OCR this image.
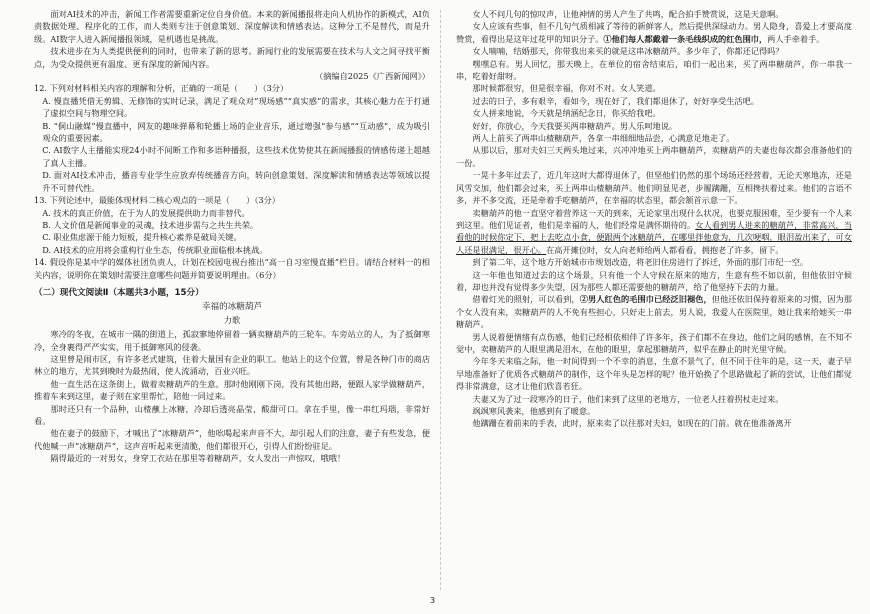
面对AI技术的冲击，新闻工作者需要重新定位自身价值。本来的新闻播报将走向人机协作的新模式，AI负责数据处理、程序化的工作，而人类则专注于创意策划、深度解读和情感表达。这种分工不是替代，而是升级。AI数字人进入新闻播报领域，是机遇也是挑战。

技术进步在为人类提供便利的同时，也带来了新的思考。新闻行业的发展需要在技术与人文之间寻找平衡点，为受众提供更有温度、更有深度的新闻内容。

（摘编自2025《广西新闻网》）

12. 下列对材料相关内容的理解和分析，正确的一项是（　　）（3分）

A. 慢直播凭借无剪辑、无修饰的实时记录，满足了观众对“现场感”“真实感”的需求，其核心魅力在于打通了虚拟空间与物理空间。

B. “侗山融媒”慢直播中，网友的趣味弹幕和轮播上场的企业音乐，通过增强“参与感”“互动感”，成为吸引观众的重要因素。

C. AI数字人主播能实现24小时不间断工作和多语种播报，这些技术优势使其在新闻播报的情感传递上超越了真人主播。

D. 面对AI技术冲击，播音专业学生应放弃传统播音方向，转向创意策划、深度解读和情感表达等领域以提升不可替代性。

13. 下列论述中，最能体现材料二核心观点的一项是（　　）（3分）

A. 技术的真正价值，在于为人的发展提供助力而非替代。

B. 人文价值是新闻事业的灵魂，技术进步需与之共生共荣。

C. 职业焦虑源于能力短板，提升核心素养是破局关键。

D. AI技术的应用将会重构行业生态，传统职业面临根本挑战。

14. 假设你是某中学的媒体社团负责人，计划在校园电视台推出“高一自习室慢直播”栏目。请结合材料一的相关内容，说明你在策划时需要注意哪些问题并简要说明理由。（6分）

（二）现代文阅读Ⅱ（本题共3小题，15分）

幸福的冰糖葫芦

力歌

寒冷的冬夜，在城市一隅的街道上，孤寂寥地停留着一辆卖糖葫芦的三轮车。车旁站立的人，为了抵御寒冷，全身裹得严严实实，用于抵御寒风的侵袭。

这里曾是闹市区，有许多老式建筑，住着大量国有企业的职工。他站上的这个位置，曾是各种门市的商店林立的地方，尤其到晚时为最热闹，使人流涌动，百业兴旺。

他一直生活在这条街上，做着卖糖葫芦的生意。那时他刚刚下岗，没有其他出路，便跟人家学做糖葫芦，推着车来到这里，妻子则在家里帮忙，陪他一同过来。

那时还只有一个品种，山楂蘸上冰糖，冷却后透亮晶莹，酸甜可口。拿在手里，像一串红玛瑙，非常好看。

他在妻子的鼓励下，才喊出了“冰糖葫芦”，他吆喝起来声音不大，却引起人们的注意，妻子有些发急，便代他喊一声“冰糖葫芦”，这声音听起来更清脆，他们都很开心，引得人们纷纷驻足。

隔得最近的一对男女，身穿工衣站在那里等着糖葫芦，女人发出一声惊叹，哦哦！

女人不问几句的惊叹声，让他神情的男人产生了共鸣，配合拍手赞赏说，这是天意啊。

女人应该有些事，但不几句气质相减了等待的新鲜客人，然后提供深绿动力。男人隐身，喜爱上才要高度赞赏，看得出是这年过花甲的知识分子。①他们每人都戴着一条毛线织成的红色围巾，两人手牵着手。

女人喃喃，结婚那天，你带我出来买的就是这串冰糖葫芦。多少年了，你都还记得吗？

嘿嘿总有。男人回忆，那天晚上，在单位的宿舍结束后，咱们一起出来，买了两串糖葫芦，你一串我一串，吃着好甜呀。

那时候都很穷，但是很幸福，你对不对。女人笑道。

过去的日子，多有艰辛，看如今，现在好了，我们都退休了，好好享受生活吧。

女人拼来地说，今天就是纳涵纪念日，你买给我吧。

好好，你放心，今天我要买两串糖葫芦。男人乐呵地说。

两人上前买了两串山楂糖葫芦，各拿一串细细地品尝，心满意足地走了。

从那以后，那对夫妇三天两头地过来，兴冲冲地买上两串糖葫芦，卖糖葫芦的夫妻也每次都会准备他们的一份。

一晃十多年过去了，近几年这时大都得退休了，但坚他们仍然的那个场场还经营着，无论天寒地冻，还是风雪交加，他们都会过来，买上两串山楂糖葫芦。他们明显见老，步履蹒跚，互相搀扶着过来。他们的言语不多，并不多交流，还是牵着手吃糖葫芦，在幸福的状态里，都会颔首示意一下。

卖糖葫芦的他一直坚守着营养这一天的到来，无论家里出现什么状况，也要克服困难，至少要有一个人来到这里。他们见证者，他们是幸福的人，他们经常是满怀期待的。女人看到男人进来的糖葫芦，非常高兴，当看他的时候你定下，把上去吃点小食，便跟两个冰糖葫芦，在哪里拌他意为，几次哽咽，眼泪盈出来了，可女人还是很满足，很开心。在高开摊位时，女人向老师给两人都看看，拥抱老了许多，留下。

到了第二年，这个地方开始城市市规划改造，将老旧住房进行了拆迁，外面的那门市纪一空。

这一年他也知道过去的这个场景，只有他一个人守候在原来的地方，生意有些不如以前，但他依旧守候着，却也并没有觉得多少失望，因为那些人都还需要他的糖葫芦，给了他坚持下去的力量。

借着灯光的照射，可以看到，②男人红色的毛围巾已经泛旧褪色，但他还依旧保持着原来的习惯，因为那个女人没有来，卖糖葫芦的人不免有些担心，只好走上前去，男人说，我爱人在医院里，她让我来给她买一串糖葫芦。

男人说着便情绪有点伤感，他们已经相依相伴了许多年，孩子们都不在身边，他们之间的感情，在不知不觉中，卖糖葫芦的人眼里满是泪水，在他的眼里，拿起那糖葫芦，似乎在静止的时光里守候。

今年冬天来临之际，他一时间得到一个不幸的消息，生意不景气了，但不同于往年的是，这一天，妻子早早地准备好了优质各式糖葫芦的制作，这个年头是怎样的呢？他开始换了个思路做起了新的尝试，让他们都觉得非常满意，这才让他们欣喜若狂。

夫妻又为了过一段寒冷的日子，他们来到了这里的老地方，一位老人拄着拐杖走过来。

飒飒寒风袭来，他感到有了暖意。

他蹒跚在着前来的手表，此时，原来卖了以往那对夫妇，如现在的门前。就在他准备离开

3
